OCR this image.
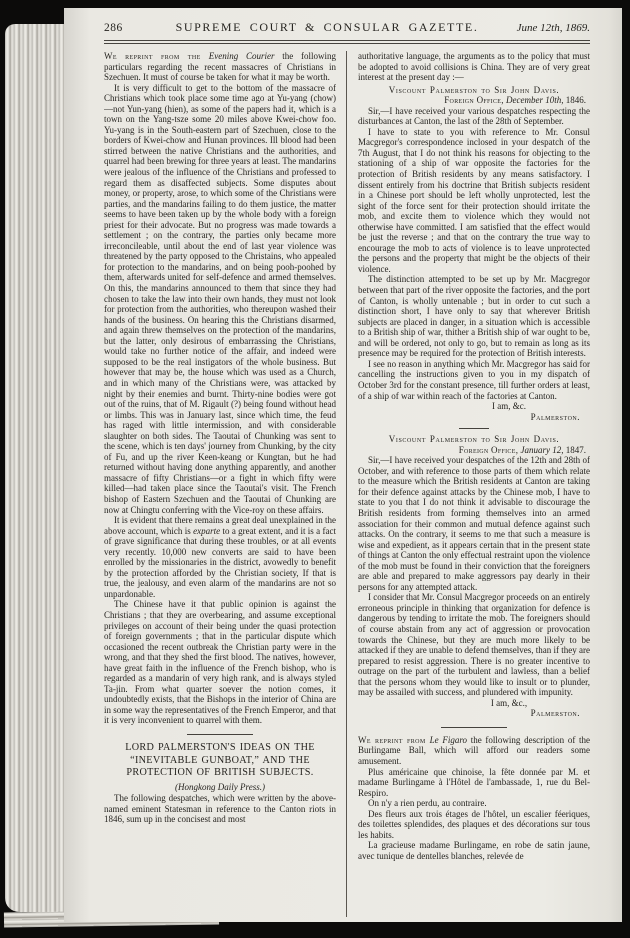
286	SUPREME COURT & CONSULAR GAZETTE.	June 12th, 1869.

We reprint from the Evening Courier the following particulars regarding the recent massacres of Christians in Szechuen. It must of course be taken for what it may be worth.

It is very difficult to get to the bottom of the massacre of Christians which took place some time ago at Yu-yang (chow)—not Yun-yang (hien), as some of the papers had it, which is a town on the Yang-tsze some 20 miles above Kwei-chow foo. Yu-yang is in the South-eastern part of Szechuen, close to the borders of Kwei-chow and Hunan provinces. Ill blood had been stirred between the native Christians and the authorities, and quarrel had been brewing for three years at least. The mandarins were jealous of the influence of the Christians and professed to regard them as disaffected subjects. Some disputes about money, or property, arose, to which some of the Christians were parties, and the mandarins failing to do them justice, the matter seems to have been taken up by the whole body with a foreign priest for their advocate. But no progress was made towards a settlement ; on the contrary, the parties only became more irreconcileable, until about the end of last year violence was threatened by the party opposed to the Christains, who appealed for protection to the mandarins, and on being pooh-poohed by them, afterwards united for self-defence and armed themselves. On this, the mandarins announced to them that since they had chosen to take the law into their own hands, they must not look for protection from the authorities, who thereupon washed their hands of the business. On hearing this the Christians disarmed, and again threw themselves on the protection of the mandarins, but the latter, only desirous of embarrassing the Christians, would take no further notice of the affair, and indeed were supposed to be the real instigators of the whole business. But however that may be, the house which was used as a Church, and in which many of the Christians were, was attacked by night by their enemies and burnt. Thirty-nine bodies were got out of the ruins, that of M. Rigault (?) being found without head or limbs. This was in January last, since which time, the feud has raged with little intermission, and with considerable slaughter on both sides. The Taoutai of Chunking was sent to the scene, which is ten days' journey from Chunking, by the city of Fu, and up the river Keen-keang or Kungtan, but he had returned without having done anything apparently, and another massacre of fifty Christians—or a fight in which fifty were killed—had taken place since the Taoutai's visit. The French bishop of Eastern Szechuen and the Taoutai of Chunking are now at Chingtu conferring with the Vice-roy on these affairs.

It is evident that there remains a great deal unexplained in the above account, which is exparte to a great extent, and it is a fact of grave significance that during these troubles, or at all events very recently. 10,000 new converts are said to have been enrolled by the missionaries in the district, avowedly to benefit by the protection afforded by the Christian society, If that is true, the jealousy, and even alarm of the mandarins are not so unpardonable.

The Chinese have it that public opinion is against the Christians ; that they are overbearing, and assume exceptional privileges on account of their being under the quasi protection of foreign governments ; that in the particular dispute which occasioned the recent outbreak the Christian party were in the wrong, and that they shed the first blood. The natives, however, have great faith in the influence of the French bishop, who is regarded as a mandarin of very high rank, and is always styled Ta-jin. From what quarter soever the notion comes, it undoubtedly exists, that the Bishops in the interior of China are in some way the representatives of the French Emperor, and that it is very inconvenient to quarrel with them.

LORD PALMERSTON'S IDEAS ON THE “INEVITABLE GUNBOAT,” AND THE PROTECTION OF BRITISH SUBJECTS.

(Hongkong Daily Press.)

The following despatches, which were written by the above-named eminent Statesman in reference to the Canton riots in 1846, sum up in the concisest and most

authoritative language, the arguments as to the policy that must be adopted to avoid collisions is China. They are of very great interest at the present day :—

Viscount Palmerston to Sir John Davis.

Foreign Office, December 10th, 1846.

Sir,—I have received your various despatches respecting the disturbanсes at Canton, the last of the 28th of September.

I have to state to you with reference to Mr. Consul Macgregor's correspondence inclosed in your despatch of the 7th August, that I do not think his reasons for objecting to the stationing of a ship of war opposite the factories for the protection of British residents by any means satisfactory. I dissent entirely from his doctrine that British subjects resident in a Chinese port should be left wholly unprotected, lest the sight of the force sent for their protection should irritate the mob, and excite them to violence which they would not otherwise have committed. I am satisfied that the effect would be just the reverse ; and that on the contrary the true way to encourage the mob to acts of violence is to leave unprotected the persons and the property that might be the objects of their violence.

The distinction attempted to be set up by Mr. Macgregor between that part of the river opposite the factories, and the port of Canton, is wholly untenable ; but in order to cut such a distinction short, I have only to say that wherever British subjects are placed in danger, in a situation which is accessible to a British ship of war, thither a British ship of war ought to be, and will be ordered, not only to go, but to remain as long as its presence may be required for the protection of British interests.

I see no reason in anything which Mr. Macgregor has said for cancelling the instructions given to you in my dispatch of October 3rd for the constant presence, till further orders at least, of a ship of war within reach of the factories at Canton.

I am, &c.

Palmerston.

Viscount Palmerston to Sir John Davis.

Foreign Office, January 12, 1847.

Sir,—I have received your despatches of the 12th and 28th of October, and with reference to those parts of them which relate to the measure which the British residents at Canton are taking for their defence against attacks by the Chinese mob, I have to state to you that I do not think it advisable to discourage the British residents from forming themselves into an armed association for their common and mutual defence against such attacks. On the contrary, it seems to me that such a measure is wise and expedient, as it appears certain that in the present state of things at Canton the only effectual restraint upon the violence of the mob must be found in their conviction that the foreigners are able and prepared to make aggressors pay dearly in their persons for any attempted attack.

I consider that Mr. Consul Macgregor proceeds on an entirely erroneous principle in thinking that organization for defence is dangerous by tending to irritate the mob. The foreigners should of course abstain from any act of aggression or provocation towards the Chinese, but they are much more likely to be attacked if they are unable to defend themselves, than if they are prepared to resist aggression. There is no greater incentive to outrage on the part of the turbulent and lawless, than a belief that the persons whom they would like to insult or to plunder, may be assailed with success, and plundered with impunity.

I am, &c.,

Palmerston.

We reprint from Le Figaro the following description of the Burlingame Ball, which will afford our readers some amusement.

Plus américaine que chinoise, la fête donnée par M. et madame Burlingame à l'Hôtel de l'ambassade, 1, rue du Bel-Respiro.

On n'y a rien perdu, au contraire.

Des fleurs aux trois étages de l'hôtel, un escalier féeriques, des toilettes splendides, des plaques et des décorations sur tous les habits.

La gracieuse madame Burlingame, en robe de satin jaune, avec tunique de dentelles blanches, relevée de
